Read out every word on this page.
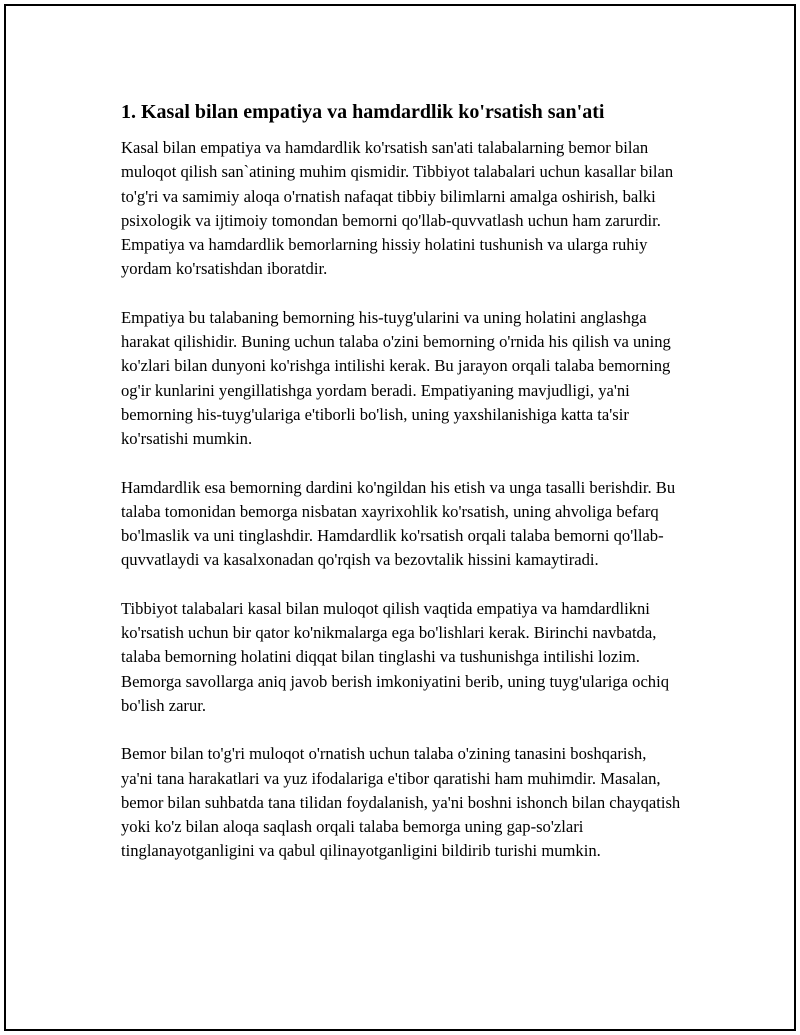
1. Kasal bilan empatiya va hamdardlik ko'rsatish san'ati

Kasal bilan empatiya va hamdardlik ko'rsatish san'ati talabalarning bemor bilan muloqot qilish san`atining muhim qismidir. Tibbiyot talabalari uchun kasallar bilan to'g'ri va samimiy aloqa o'rnatish nafaqat tibbiy bilimlarni amalga oshirish, balki psixologik va ijtimoiy tomondan bemorni qo'llab-quvvatlash uchun ham zarurdir. Empatiya va hamdardlik bemorlarning hissiy holatini tushunish va ularga ruhiy yordam ko'rsatishdan iboratdir.

Empatiya bu talabaning bemorning his-tuyg'ularini va uning holatini anglashga harakat qilishidir. Buning uchun talaba o'zini bemorning o'rnida his qilish va uning ko'zlari bilan dunyoni ko'rishga intilishi kerak. Bu jarayon orqali talaba bemorning og'ir kunlarini yengillatishga yordam beradi. Empatiyaning mavjudligi, ya'ni bemorning his-tuyg'ulariga e'tiborli bo'lish, uning yaxshilanishiga katta ta'sir ko'rsatishi mumkin.

Hamdardlik esa bemorning dardini ko'ngildan his etish va unga tasalli berishdir. Bu talaba tomonidan bemorga nisbatan xayrixohlik ko'rsatish, uning ahvoliga befarq bo'lmaslik va uni tinglashdir. Hamdardlik ko'rsatish orqali talaba bemorni qo'llab-quvvatlaydi va kasalxonadan qo'rqish va bezovtalik hissini kamaytiradi.

Tibbiyot talabalari kasal bilan muloqot qilish vaqtida empatiya va hamdardlikni ko'rsatish uchun bir qator ko'nikmalarga ega bo'lishlari kerak. Birinchi navbatda, talaba bemorning holatini diqqat bilan tinglashi va tushunishga intilishi lozim. Bemorga savollarga aniq javob berish imkoniyatini berib, uning tuyg'ulariga ochiq bo'lish zarur.

Bemor bilan to'g'ri muloqot o'rnatish uchun talaba o'zining tanasini boshqarish, ya'ni tana harakatlari va yuz ifodalariga e'tibor qaratishi ham muhimdir. Masalan, bemor bilan suhbatda tana tilidan foydalanish, ya'ni boshni ishonch bilan chayqatish yoki ko'z bilan aloqa saqlash orqali talaba bemorga uning gap-so'zlari tinglanayotganligini va qabul qilinayotganligini bildirib turishi mumkin.
